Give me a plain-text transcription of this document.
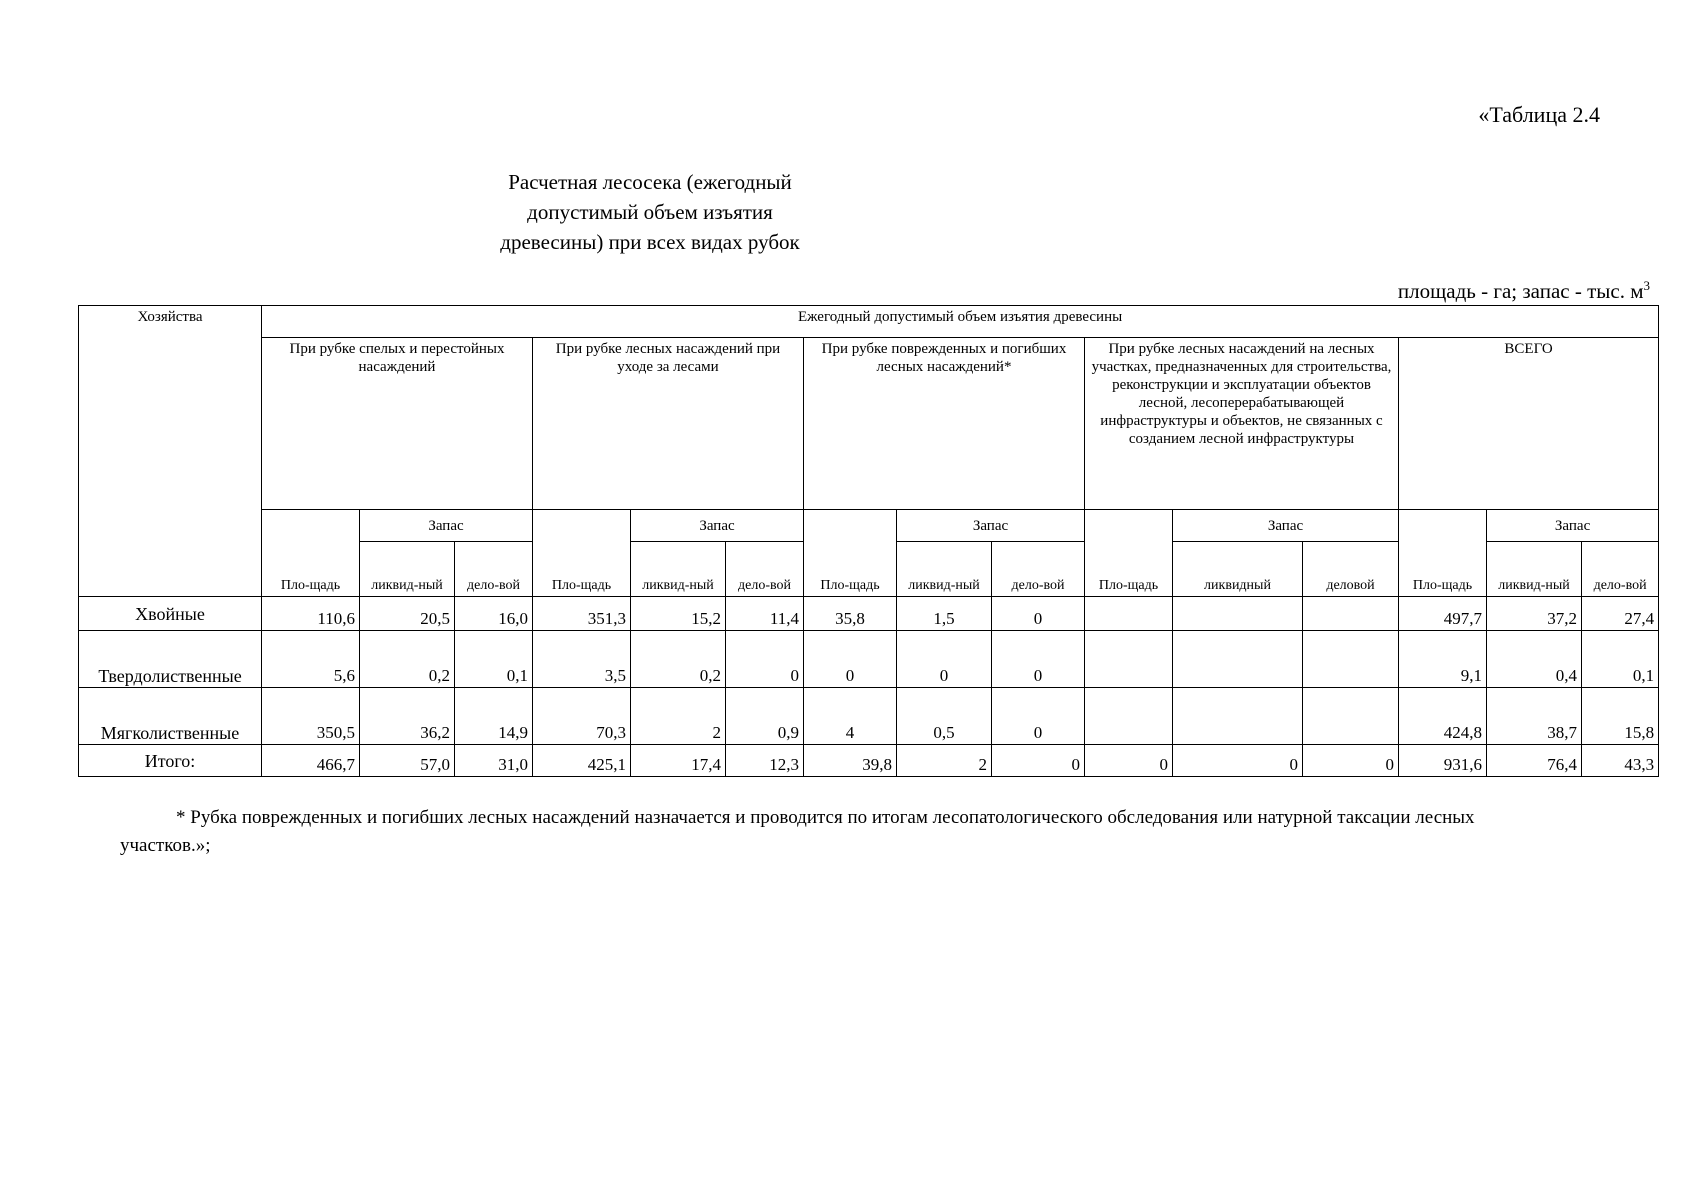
«Таблица 2.4
Расчетная лесосека (ежегодный допустимый объем изъятия
древесины) при всех видах рубок
площадь - га; запас - тыс. $м^3$
Хозяйства	Ежегодный допустимый объем изъятия древесины														
	При рубке спелых и перестойных насаждений			При рубке лесных насаждений при уходе за лесами			При рубке поврежденных и погибших лесных насаждений*			При рубке лесных насаждений на лесных участках, предназначенных для строительства, реконструкции и эксплуатации объектов лесной, лесоперерабатывающей инфраструктуры и объектов, не связанных с созданием лесной инфраструктуры			ВСЕГО		
	Пло-щадь	Запас		Пло-щадь	Запас		Пло-щадь	Запас		Пло-щадь	Запас		Пло-щадь	Запас	
		ликвид-ный	дело-вой		ликвид-ный	дело-вой		ликвид-ный	дело-вой		ликвидный	деловой		ликвид-ный	дело-вой
Хвойные	110,6	20,5	16,0	351,3	15,2	11,4	35,8	1,5	0				497,7	37,2	27,4
Твердолиственные	5,6	0,2	0,1	3,5	0,2	0	0	0	0				9,1	0,4	0,1
Мягколиственные	350,5	36,2	14,9	70,3	2	0,9	4	0,5	0				424,8	38,7	15,8
Итого:	466,7	57,0	31,0	425,1	17,4	12,3	39,8	2	0	0	0	0	931,6	76,4	43,3
* Рубка поврежденных и погибших лесных насаждений назначается и проводится по итогам лесопатологического обследования или натурной таксации лесных участков.»;
